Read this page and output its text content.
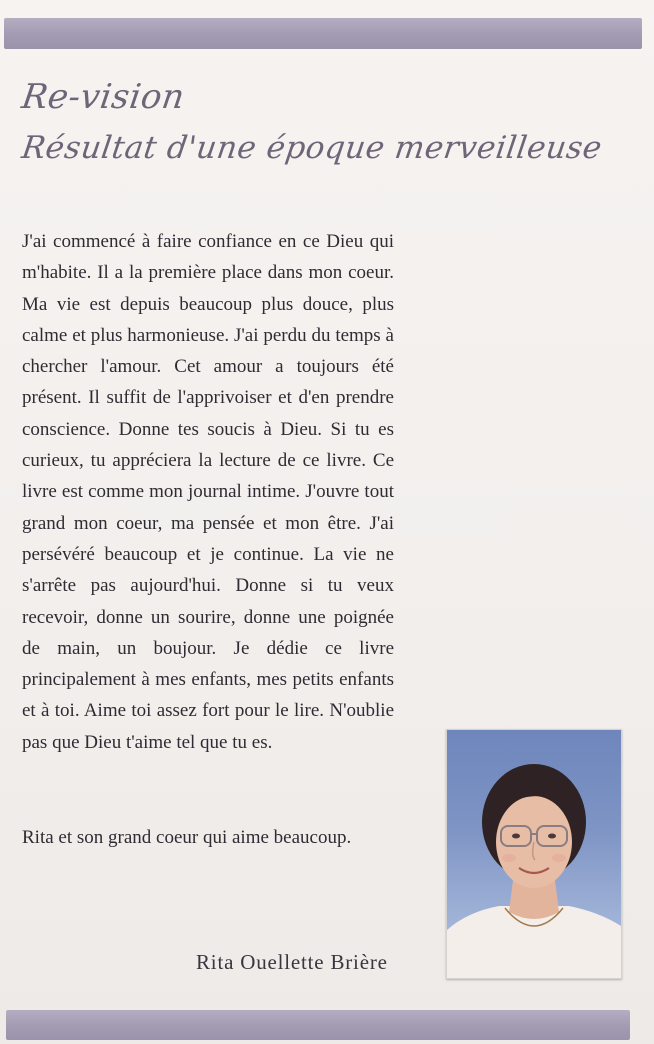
Re-vision
Résultat d'une époque merveilleuse

J'ai commencé à faire confiance en ce Dieu qui m'habite. Il a la première place dans mon coeur. Ma vie est depuis beaucoup plus douce, plus calme et plus harmonieuse. J'ai perdu du temps à chercher l'amour. Cet amour a toujours été présent. Il suffit de l'apprivoiser et d'en prendre conscience. Donne tes soucis à Dieu. Si tu es curieux, tu appréciera la lecture de ce livre. Ce livre est comme mon journal intime. J'ouvre tout grand mon coeur, ma pensée et mon être. J'ai persévéré beaucoup et je continue. La vie ne s'arrête pas aujourd'hui. Donne si tu veux recevoir, donne un sourire, donne une poignée de main, un boujour. Je dédie ce livre principalement à mes enfants, mes petits enfants et à toi. Aime toi assez fort pour le lire. N'oublie pas que Dieu t'aime tel que tu es.

Rita et son grand coeur qui aime beaucoup.

Rita Ouellette Brière
